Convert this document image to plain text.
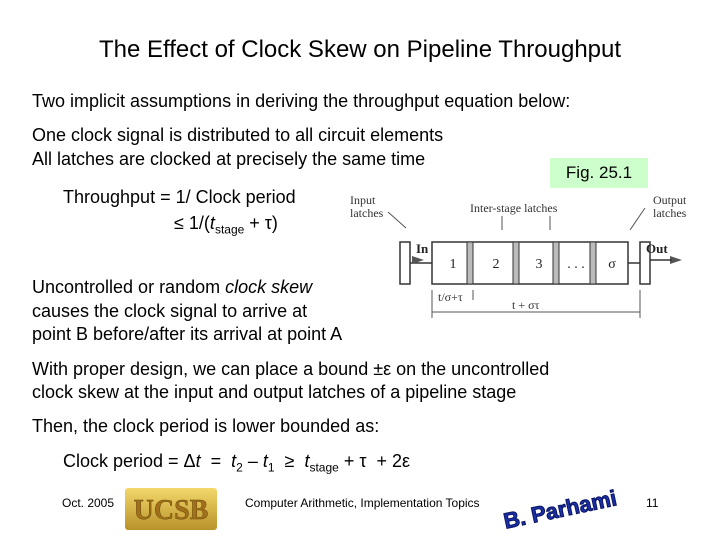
The Effect of Clock Skew on Pipeline Throughput
Two implicit assumptions in deriving the throughput equation below:
One clock signal is distributed to all circuit elements
All latches are clocked at precisely the same time
Throughput = 1/ Clock period
≤ $1/(t_{stage} + \tau)$
Fig. 25.1
Input
latches	Inter-stage latches
Output
latches
In
1	2	3 . . . σ
Out
t/σ+τ
t + στ
Uncontrolled or random clock skew
causes the clock signal to arrive at
point B before/after its arrival at point A
With proper design, we can place a bound ±ε on the uncontrolled
clock skew at the input and output latches of a pipeline stage
Then, the clock period is lower bounded as:
Clock period = $\Delta t = t_2 - t_1 \ge t_{stage} + \tau + 2\varepsilon$
Oct. 2005 UCSB	Computer Arithmetic, Implementation Topics B. Parhami 11
